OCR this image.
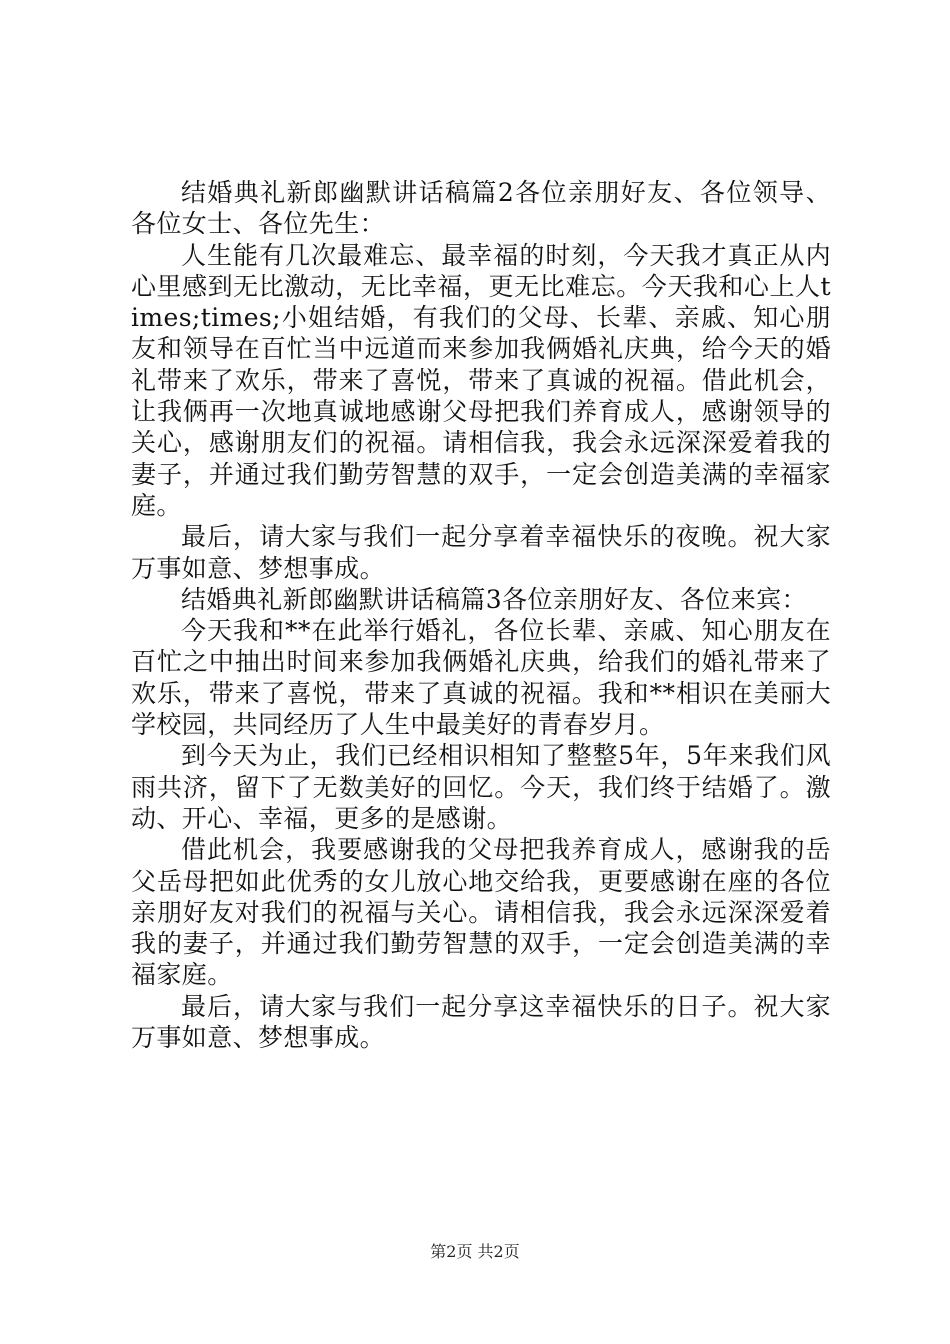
结婚典礼新郎幽默讲话稿篇2各位亲朋好友、各位领导、各位女士、各位先生：

人生能有几次最难忘、最幸福的时刻，今天我才真正从内心里感到无比激动，无比幸福，更无比难忘。今天我和心上人times;times;小姐结婚，有我们的父母、长辈、亲戚、知心朋友和领导在百忙当中远道而来参加我俩婚礼庆典，给今天的婚礼带来了欢乐，带来了喜悦，带来了真诚的祝福。借此机会，让我俩再一次地真诚地感谢父母把我们养育成人，感谢领导的关心，感谢朋友们的祝福。请相信我，我会永远深深爱着我的妻子，并通过我们勤劳智慧的双手，一定会创造美满的幸福家庭。

最后，请大家与我们一起分享着幸福快乐的夜晚。祝大家万事如意、梦想事成。

结婚典礼新郎幽默讲话稿篇3各位亲朋好友、各位来宾：

今天我和**在此举行婚礼，各位长辈、亲戚、知心朋友在百忙之中抽出时间来参加我俩婚礼庆典，给我们的婚礼带来了欢乐，带来了喜悦，带来了真诚的祝福。我和**相识在美丽大学校园，共同经历了人生中最美好的青春岁月。

到今天为止，我们已经相识相知了整整5年，5年来我们风雨共济，留下了无数美好的回忆。今天，我们终于结婚了。激动、开心、幸福，更多的是感谢。

借此机会，我要感谢我的父母把我养育成人，感谢我的岳父岳母把如此优秀的女儿放心地交给我，更要感谢在座的各位亲朋好友对我们的祝福与关心。请相信我，我会永远深深爱着我的妻子，并通过我们勤劳智慧的双手，一定会创造美满的幸福家庭。

最后，请大家与我们一起分享这幸福快乐的日子。祝大家万事如意、梦想事成。

第2页 共2页
